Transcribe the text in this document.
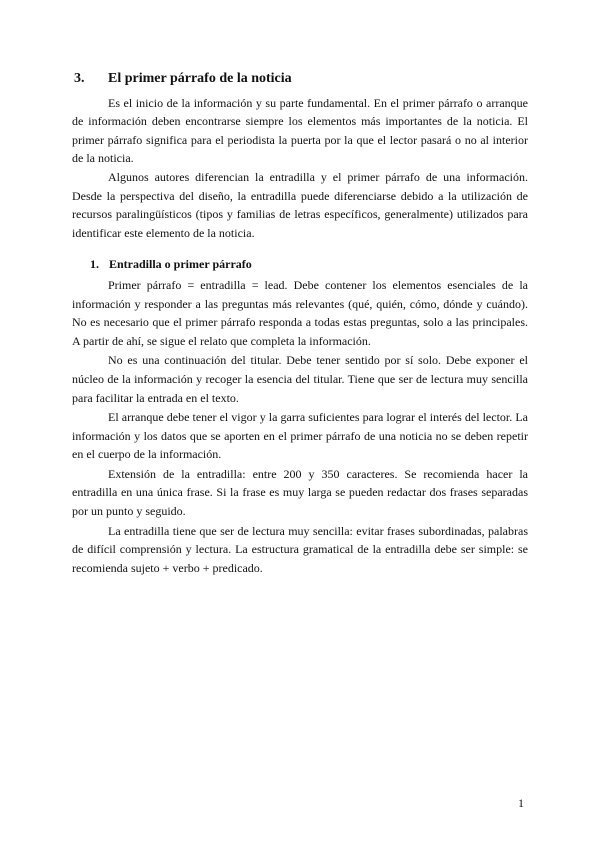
3.	El primer párrafo de la noticia

Es el inicio de la información y su parte fundamental. En el primer párrafo o arranque de información deben encontrarse siempre los elementos más importantes de la noticia. El primer párrafo significa para el periodista la puerta por la que el lector pasará o no al interior de la noticia.

Algunos autores diferencian la entradilla y el primer párrafo de una información. Desde la perspectiva del diseño, la entradilla puede diferenciarse debido a la utilización de recursos paralingüísticos (tipos y familias de letras específicos, generalmente) utilizados para identificar este elemento de la noticia.

1. Entradilla o primer párrafo

Primer párrafo = entradilla = lead. Debe contener los elementos esenciales de la información y responder a las preguntas más relevantes (qué, quién, cómo, dónde y cuándo). No es necesario que el primer párrafo responda a todas estas preguntas, solo a las principales. A partir de ahí, se sigue el relato que completa la información.

No es una continuación del titular. Debe tener sentido por sí solo. Debe exponer el núcleo de la información y recoger la esencia del titular. Tiene que ser de lectura muy sencilla para facilitar la entrada en el texto.

El arranque debe tener el vigor y la garra suficientes para lograr el interés del lector. La información y los datos que se aporten en el primer párrafo de una noticia no se deben repetir en el cuerpo de la información.

Extensión de la entradilla: entre 200 y 350 caracteres. Se recomienda hacer la entradilla en una única frase. Si la frase es muy larga se pueden redactar dos frases separadas por un punto y seguido.

La entradilla tiene que ser de lectura muy sencilla: evitar frases subordinadas, palabras de difícil comprensión y lectura. La estructura gramatical de la entradilla debe ser simple: se recomienda sujeto + verbo + predicado.

1
